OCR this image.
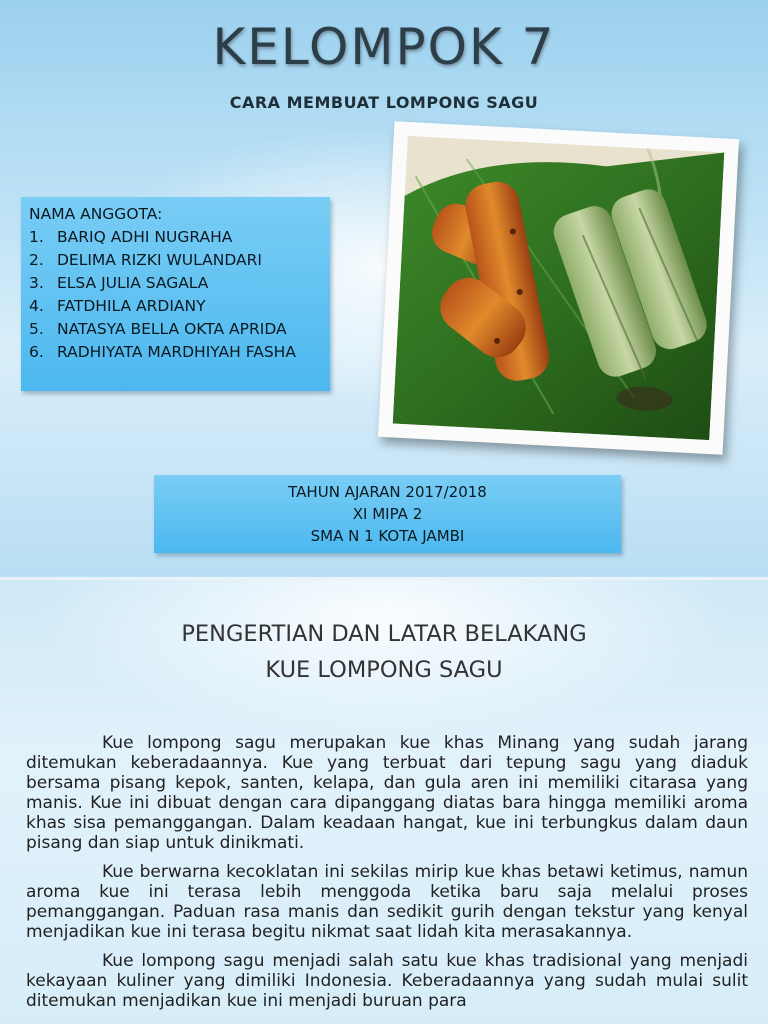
KELOMPOK 7
CARA MEMBUAT LOMPONG SAGU
NAMA ANGGOTA:
1. BARIQ ADHI NUGRAHA
2. DELIMA RIZKI WULANDARI
3. ELSA JULIA SAGALA
4. FATDHILA ARDIANY
5. NATASYA BELLA OKTA APRIDA
6. RADHIYATA MARDHIYAH FASHA
TAHUN AJARAN 2017/2018
XI MIPA 2
SMA N 1 KOTA JAMBI
PENGERTIAN DAN LATAR BELAKANG
KUE LOMPONG SAGU

Kue lompong sagu merupakan kue khas Minang yang sudah jarang ditemukan keberadaannya. Kue yang terbuat dari tepung sagu yang diaduk bersama pisang kepok, santen, kelapa, dan gula aren ini memiliki citarasa yang manis. Kue ini dibuat dengan cara dipanggang diatas bara hingga memiliki aroma khas sisa pemanggangan. Dalam keadaan hangat, kue ini terbungkus dalam daun pisang dan siap untuk dinikmati.

Kue berwarna kecoklatan ini sekilas mirip kue khas betawi ketimus, namun aroma kue ini terasa lebih menggoda ketika baru saja melalui proses pemanggangan. Paduan rasa manis dan sedikit gurih dengan tekstur yang kenyal menjadikan kue ini terasa begitu nikmat saat lidah kita merasakannya.

Kue lompong sagu menjadi salah satu kue khas tradisional yang menjadi kekayaan kuliner yang dimiliki Indonesia. Keberadaannya yang sudah mulai sulit ditemukan menjadikan kue ini menjadi buruan para
